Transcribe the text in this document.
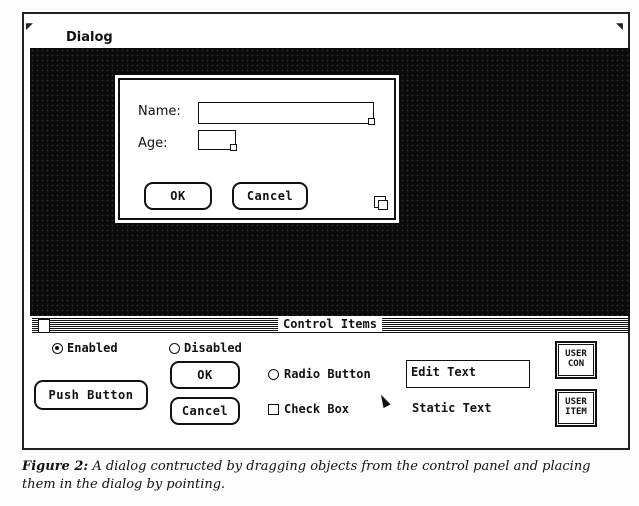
◤	◥
Dialog
Name:
Age:
OK	Cancel
Control Items
Enabled	Disabled
Push Button
OK
Cancel
Radio Button
Check Box
Edit Text
Static Text
USER
CON
USER
ITEM
Figure 2: A dialog contructed by dragging objects from the control panel and placing them in the dialog by pointing.
